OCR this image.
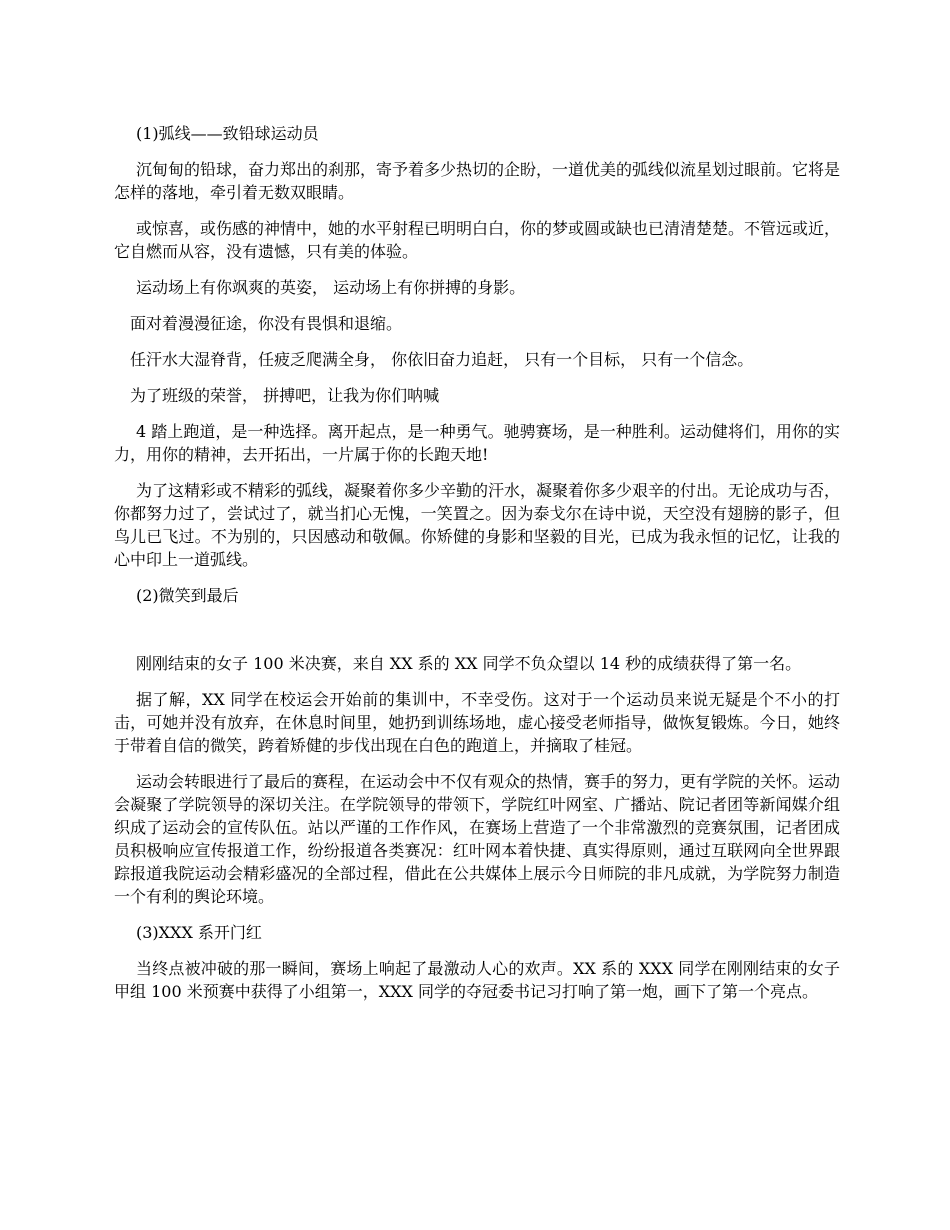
(1)弧线——致铅球运动员

沉甸甸的铅球，奋力郑出的刹那，寄予着多少热切的企盼，一道优美的弧线似流星划过眼前。它将是怎样的落地，牵引着无数双眼睛。

或惊喜，或伤感的神情中，她的水平射程已明明白白，你的梦或圆或缺也已清清楚楚。不管远或近，它自燃而从容，没有遗憾，只有美的体验。

运动场上有你飒爽的英姿， 运动场上有你拼搏的身影。

面对着漫漫征途，你没有畏惧和退缩。

任汗水大湿脊背，任疲乏爬满全身， 你依旧奋力追赶， 只有一个目标， 只有一个信念。

为了班级的荣誉， 拼搏吧，让我为你们呐喊

4 踏上跑道，是一种选择。离开起点，是一种勇气。驰骋赛场，是一种胜利。运动健将们，用你的实力，用你的精神，去开拓出，一片属于你的长跑天地!

为了这精彩或不精彩的弧线，凝聚着你多少辛勤的汗水，凝聚着你多少艰辛的付出。无论成功与否，你都努力过了，尝试过了，就当扪心无愧，一笑置之。因为泰戈尔在诗中说，天空没有翅膀的影子，但鸟儿已飞过。不为别的，只因感动和敬佩。你矫健的身影和坚毅的目光，已成为我永恒的记忆，让我的心中印上一道弧线。

(2)微笑到最后

刚刚结束的女子 100 米决赛，来自 XX 系的 XX 同学不负众望以 14 秒的成绩获得了第一名。

据了解，XX 同学在校运会开始前的集训中，不幸受伤。这对于一个运动员来说无疑是个不小的打击，可她并没有放弃，在休息时间里，她扔到训练场地，虚心接受老师指导，做恢复锻炼。今日，她终于带着自信的微笑，跨着矫健的步伐出现在白色的跑道上，并摘取了桂冠。

运动会转眼进行了最后的赛程，在运动会中不仅有观众的热情，赛手的努力，更有学院的关怀。运动会凝聚了学院领导的深切关注。在学院领导的带领下，学院红叶网室、广播站、院记者团等新闻媒介组织成了运动会的宣传队伍。站以严谨的工作作风，在赛场上营造了一个非常激烈的竞赛氛围，记者团成员积极响应宣传报道工作，纷纷报道各类赛况：红叶网本着快捷、真实得原则，通过互联网向全世界跟踪报道我院运动会精彩盛况的全部过程，借此在公共媒体上展示今日师院的非凡成就，为学院努力制造一个有利的舆论环境。

(3)XXX 系开门红

当终点被冲破的那一瞬间，赛场上响起了最激动人心的欢声。XX 系的 XXX 同学在刚刚结束的女子甲组 100 米预赛中获得了小组第一，XXX 同学的夺冠委书记习打响了第一炮，画下了第一个亮点。
